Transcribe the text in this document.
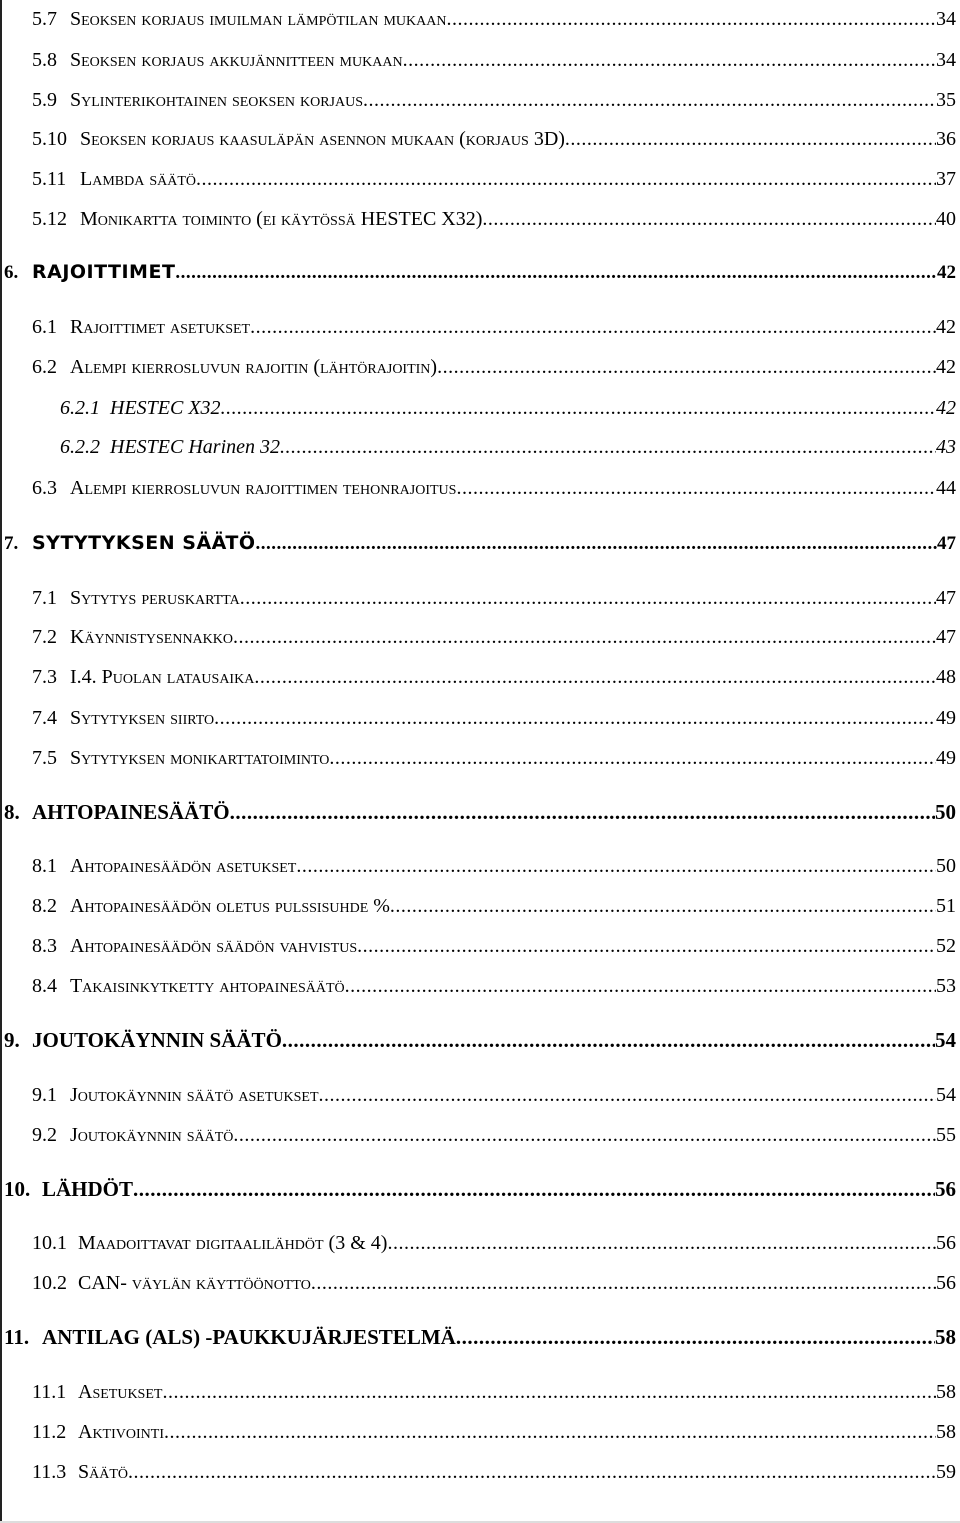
5.7 Seoksen korjaus imuilman lämpötilan mukaan .....	34
5.8 Seoksen korjaus akkujännitteen mukaan .....	34
5.9 Sylinterikohtainen seoksen korjaus .....	35
5.10 Seoksen korjaus kaasuläpän asennon mukaan (korjaus 3D) .....	36
5.11 Lambda säätö .....	37
5.12 Monikartta toiminto (ei käytössä HESTEC X32) .....	40
6. RAJOITTIMET .....	42
6.1 Rajoittimet asetukset .....	42
6.2 Alempi kierrosluvun rajoitin (lähtörajoitin) .....	42
6.2.1 HESTEC X32 .....	42
6.2.2 HESTEC Harinen 32 .....	43
6.3 Alempi kierrosluvun rajoittimen tehonrajoitus .....	44
7. SYTYTYKSEN SÄÄTÖ .....	47
7.1 Sytytys peruskartta .....	47
7.2 Käynnistysennakko .....	47
7.3 I.4. Puolan latausaika .....	48
7.4 Sytytyksen siirto .....	49
7.5 Sytytyksen monikarttatoiminto .....	49
8. AHTOPAINESÄÄTÖ .....	50
8.1 Ahtopainesäädön asetukset .....	50
8.2 Ahtopainesäädön oletus pulssisuhde % .....	51
8.3 Ahtopainesäädön säädön vahvistus .....	52
8.4 Takaisinkytketty ahtopainesäätö .....	53
9. JOUTOKÄYNNIN SÄÄTÖ .....	54
9.1 Joutokäynnin säätö asetukset .....	54
9.2 Joutokäynnin säätö .....	55
10. LÄHDÖT .....	56
10.1 Maadoittavat digitaalilähdöt (3 & 4) .....	56
10.2 CAN- väylän käyttöönotto .....	56
11. ANTILAG (ALS) -PAUKKUJÄRJESTELMÄ .....	58
11.1 Asetukset .....	58
11.2 Aktivointi .....	58
11.3 Säätö .....	59
